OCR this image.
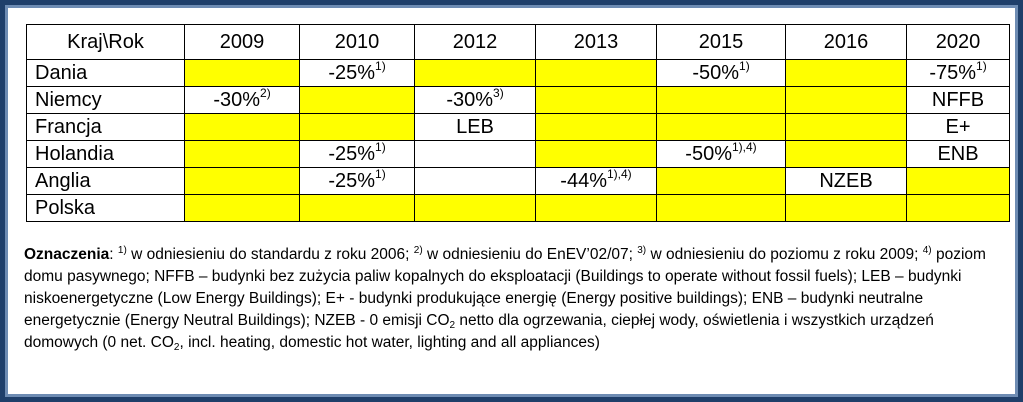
Kraj\Rok	2009	2010	2012	2013	2015	2016	2020
Dania		-25%$^{1)}$			-50%$^{1)}$		-75%$^{1)}$
Niemcy	-30%$^{2)}$		-30%$^{3)}$				NFFB
Francja			LEB				E+
Holandia		-25%$^{1)}$			-50%$^{1),4)}$		ENB
Anglia		-25%$^{1)}$		-44%$^{1),4)}$		NZEB	
Polska							
Oznaczenia: $^{1)}$ w odniesieniu do standardu z roku 2006; $^{2)}$ w odniesieniu do EnEV’02/07; $^{3)}$ w odniesieniu do poziomu z roku 2009; $^{4)}$ poziom domu pasywnego; NFFB – budynki bez zużycia paliw kopalnych do eksploatacji (Buildings to operate without fossil fuels); LEB – budynki niskoenergetyczne (Low Energy Buildings); E+ - budynki produkujące energię (Energy positive buildings); ENB – budynki neutralne energetycznie (Energy Neutral Buildings); NZEB - 0 emisji $CO_2$ netto dla ogrzewania, ciepłej wody, oświetlenia i wszystkich urządzeń domowych (0 net. $CO_2$, incl. heating, domestic hot water, lighting and all appliances)
